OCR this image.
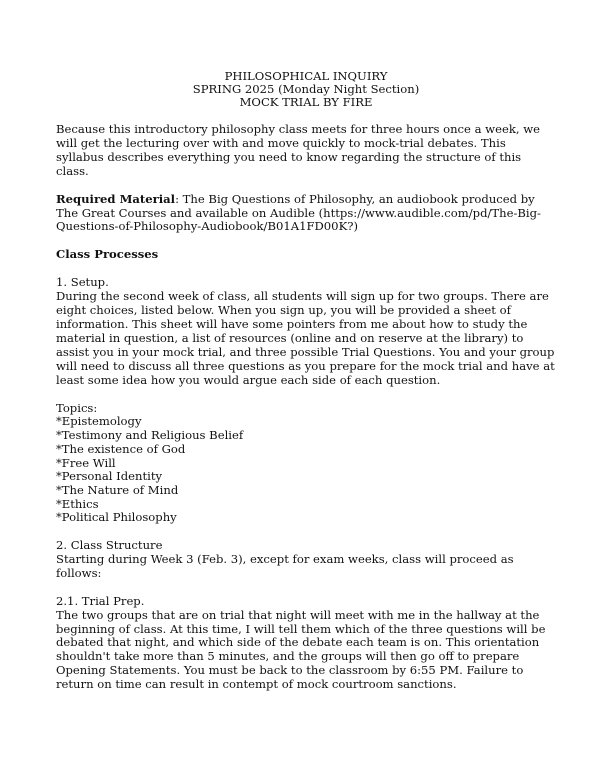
PHILOSOPHICAL INQUIRY
SPRING 2025 (Monday Night Section)
MOCK TRIAL BY FIRE

Because this introductory philosophy class meets for three hours once a week, we will get the lecturing over with and move quickly to mock-trial debates. This syllabus describes everything you need to know regarding the structure of this class.

Required Material: The Big Questions of Philosophy, an audiobook produced by The Great Courses and available on Audible (https://www.audible.com/pd/The-Big-Questions-of-Philosophy-Audiobook/B01A1FD00K?)

Class Processes

1. Setup.

During the second week of class, all students will sign up for two groups. There are eight choices, listed below. When you sign up, you will be provided a sheet of information. This sheet will have some pointers from me about how to study the material in question, a list of resources (online and on reserve at the library) to assist you in your mock trial, and three possible Trial Questions. You and your group will need to discuss all three questions as you prepare for the mock trial and have at least some idea how you would argue each side of each question.

Topics:

*Epistemology
*Testimony and Religious Belief
*The existence of God
*Free Will
*Personal Identity
*The Nature of Mind
*Ethics
*Political Philosophy

2. Class Structure

Starting during Week 3 (Feb. 3), except for exam weeks, class will proceed as follows:

2.1. Trial Prep.

The two groups that are on trial that night will meet with me in the hallway at the beginning of class. At this time, I will tell them which of the three questions will be debated that night, and which side of the debate each team is on. This orientation shouldn't take more than 5 minutes, and the groups will then go off to prepare Opening Statements. You must be back to the classroom by 6:55 PM. Failure to return on time can result in contempt of mock courtroom sanctions.
